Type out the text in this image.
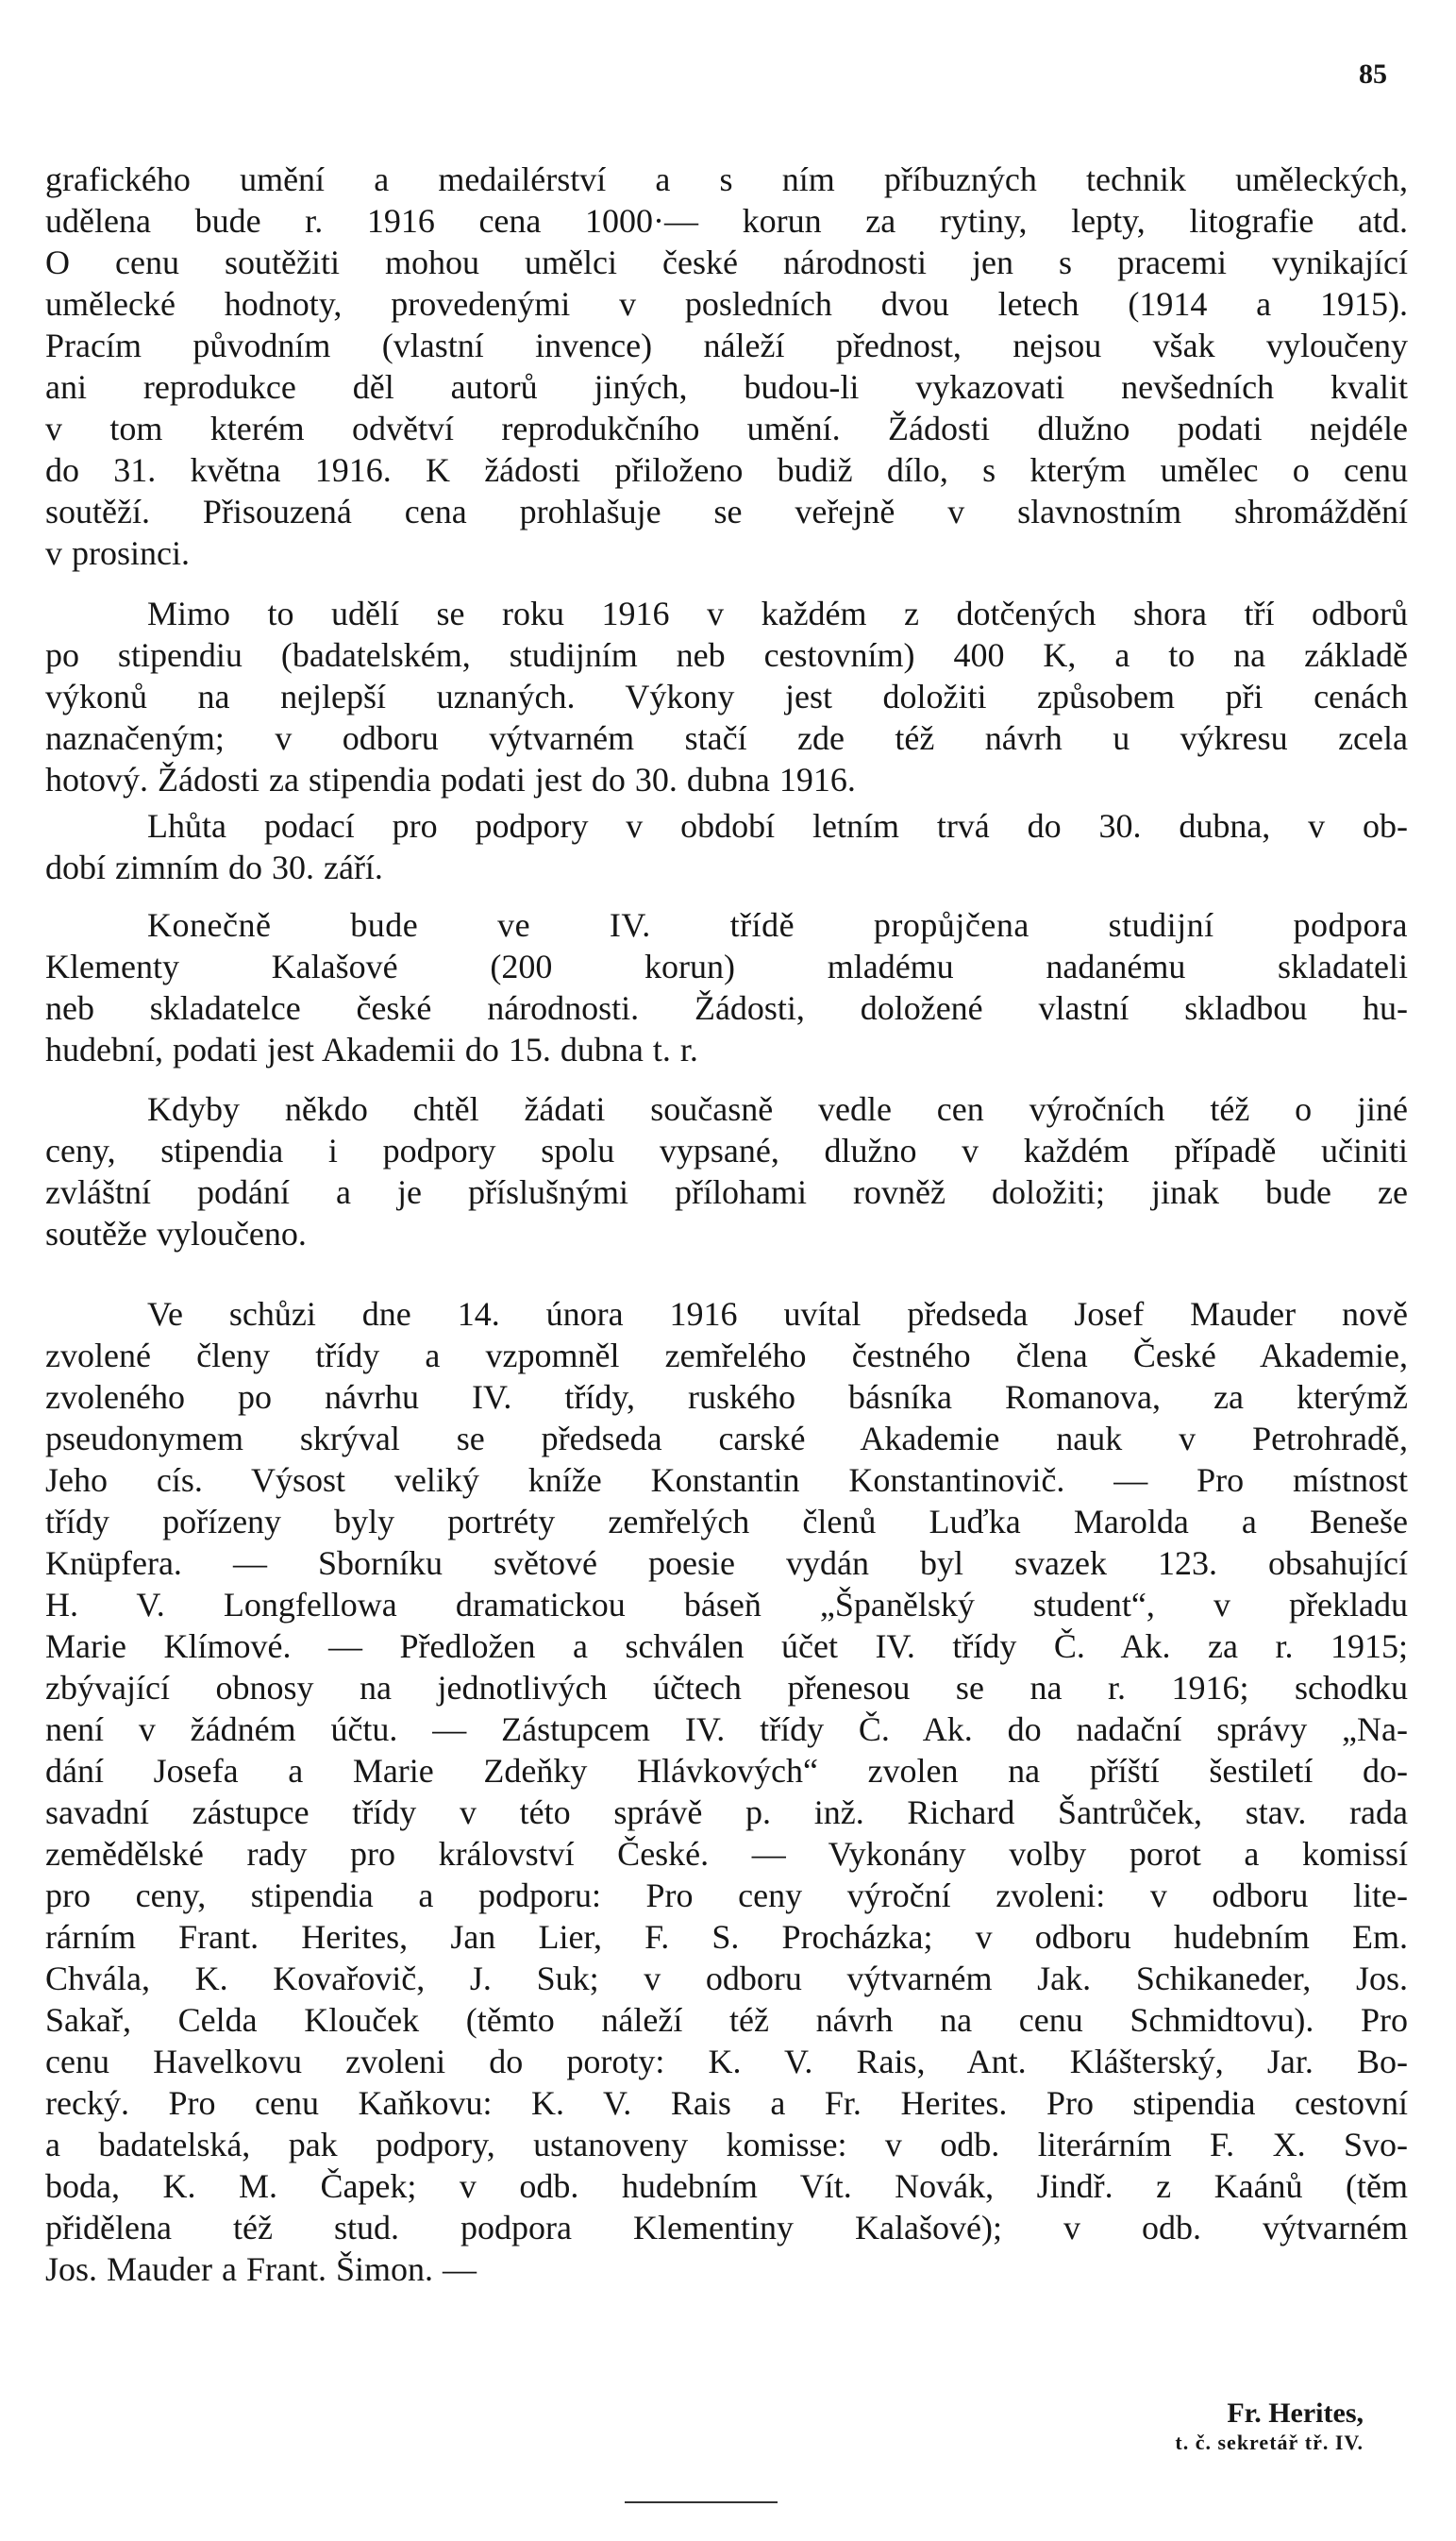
85
grafického umění a medailérství a s ním příbuzných technik uměleckých,
udělena bude r. 1916 cena 1000·— korun za rytiny, lepty, litografie atd.
O cenu soutěžiti mohou umělci české národnosti jen s pracemi vynikající
umělecké hodnoty, provedenými v posledních dvou letech (1914 a 1915).
Pracím původním (vlastní invence) náleží přednost, nejsou však vyloučeny
ani reprodukce děl autorů jiných, budou-li vykazovati nevšedních kvalit
v tom kterém odvětví reprodukčního umění. Žádosti dlužno podati nejdéle
do 31. května 1916. K žádosti přiloženo budiž dílo, s kterým umělec o cenu
soutěží. Přisouzená cena prohlašuje se veřejně v slavnostním shromáždění
v prosinci.
Mimo to udělí se roku 1916 v každém z dotčených shora tří odborů
po stipendiu (badatelském, studijním neb cestovním) 400 K, a to na základě
výkonů na nejlepší uznaných. Výkony jest doložiti způsobem při cenách
naznačeným; v odboru výtvarném stačí zde též návrh u výkresu zcela
hotový. Žádosti za stipendia podati jest do 30. dubna 1916.
Lhůta podací pro podpory v období letním trvá do 30. dubna, v ob-
dobí zimním do 30. září.
Konečně bude ve IV. třídě propůjčena studijní podpora
Klementy Kalašové (200 korun) mladému nadanému skladateli
neb skladatelce české národnosti. Žádosti, doložené vlastní skladbou hu-
hudební, podati jest Akademii do 15. dubna t. r.
Kdyby někdo chtěl žádati současně vedle cen výročních též o jiné
ceny, stipendia i podpory spolu vypsané, dlužno v každém případě učiniti
zvláštní podání a je příslušnými přílohami rovněž doložiti; jinak bude ze
soutěže vyloučeno.
Ve schůzi dne 14. února 1916 uvítal předseda Josef Mauder nově
zvolené členy třídy a vzpomněl zemřelého čestného člena České Akademie,
zvoleného po návrhu IV. třídy, ruského básníka Romanova, za kterýmž
pseudonymem skrýval se předseda carské Akademie nauk v Petrohradě,
Jeho cís. Výsost veliký kníže Konstantin Konstantinovič. — Pro místnost
třídy pořízeny byly portréty zemřelých členů Luďka Marolda a Beneše
Knüpfera. — Sborníku světové poesie vydán byl svazek 123. obsahující
H. V. Longfellowa dramatickou báseň „Španělský student“, v překladu
Marie Klímové. — Předložen a schválen účet IV. třídy Č. Ak. za r. 1915;
zbývající obnosy na jednotlivých účtech přenesou se na r. 1916; schodku
není v žádném účtu. — Zástupcem IV. třídy Č. Ak. do nadační správy „Na-
dání Josefa a Marie Zdeňky Hlávkových“ zvolen na příští šestiletí do-
savadní zástupce třídy v této správě p. inž. Richard Šantrůček, stav. rada
zemědělské rady pro království České. — Vykonány volby porot a komissí
pro ceny, stipendia a podporu: Pro ceny výroční zvoleni: v odboru lite-
rárním Frant. Herites, Jan Lier, F. S. Procházka; v odboru hudebním Em.
Chvála, K. Kovařovič, J. Suk; v odboru výtvarném Jak. Schikaneder, Jos.
Sakař, Celda Klouček (těmto náleží též návrh na cenu Schmidtovu). Pro
cenu Havelkovu zvoleni do poroty: K. V. Rais, Ant. Klášterský, Jar. Bo-
recký. Pro cenu Kaňkovu: K. V. Rais a Fr. Herites. Pro stipendia cestovní
a badatelská, pak podpory, ustanoveny komisse: v odb. literárním F. X. Svo-
boda, K. M. Čapek; v odb. hudebním Vít. Novák, Jindř. z Kaánů (těm
přidělena též stud. podpora Klementiny Kalašové); v odb. výtvarném
Jos. Mauder a Frant. Šimon. —
Fr. Herites,
t. č. sekretář tř. IV.
